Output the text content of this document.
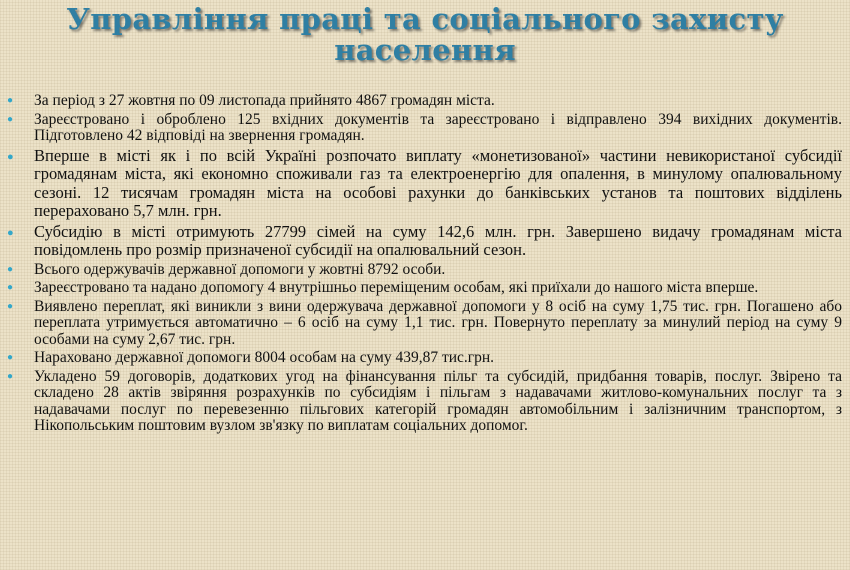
Управління праці та соціального захисту
населення
● За період з 27 жовтня по 09 листопада прийнято 4867 громадян міста.
● Зареєстровано і оброблено 125 вхідних документів та зареєстровано і відправлено 394 вихідних документів. Підготовлено 42 відповіді на звернення громадян.
● Вперше в місті як і по всій Україні розпочато виплату «монетизованої» частини невикористаної субсидії громадянам міста, які економно споживали газ та електроенергію для опалення, в минулому опалювальному сезоні. 12 тисячам громадян міста на особові рахунки до банківських установ та поштових відділень перераховано 5,7 млн. грн.
● Субсидію в місті отримують 27799 сімей на суму 142,6 млн. грн. Завершено видачу громадянам міста повідомлень про розмір призначеної субсидії на опалювальний сезон.
● Всього одержувачів державної допомоги у жовтні 8792 особи.
● Зареєстровано та надано допомогу 4 внутрішньо переміщеним особам, які приїхали до нашого міста вперше.
● Виявлено переплат, які виникли з вини одержувача державної допомоги у 8 осіб на суму 1,75 тис. грн. Погашено або переплата утримується автоматично – 6 осіб на суму 1,1 тис. грн. Повернуто переплату за минулий період на суму 9 особами на суму 2,67 тис. грн.
● Нараховано державної допомоги 8004 особам на суму 439,87 тис.грн.
● Укладено 59 договорів, додаткових угод на фінансування пільг та субсидій, придбання товарів, послуг. Звірено та складено 28 актів звіряння розрахунків по субсидіям і пільгам з надавачами житлово-комунальних послуг та з надавачами послуг по перевезенню пільгових категорій громадян автомобільним і залізничним транспортом, з Нікопольським поштовим вузлом зв'язку по виплатам соціальних допомог.
